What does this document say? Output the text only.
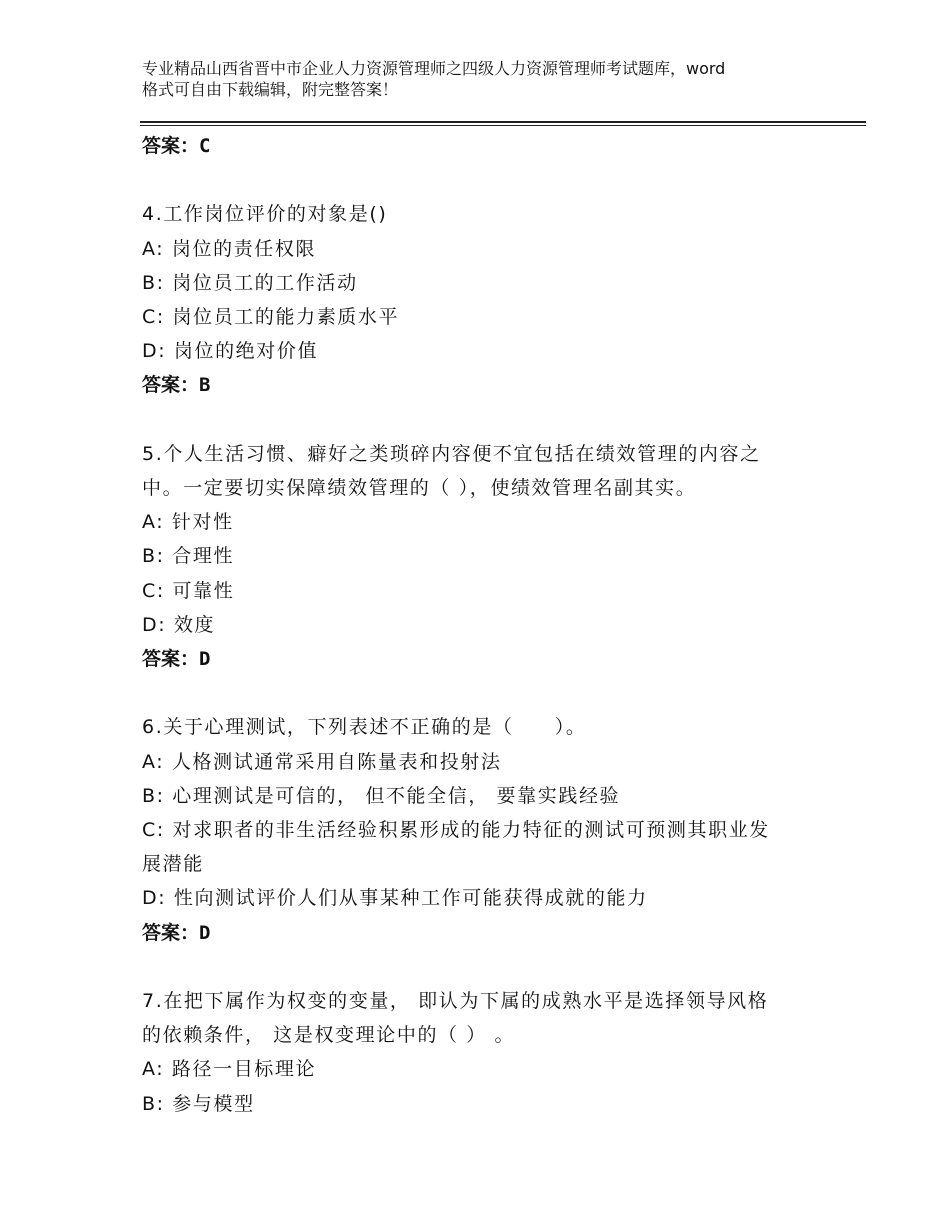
专业精品山西省晋中市企业人力资源管理师之四级人力资源管理师考试题库，word
格式可自由下载编辑，附完整答案！
答案：C
4.工作岗位评价的对象是()
A: 岗位的责任权限
B: 岗位员工的工作活动
C: 岗位员工的能力素质水平
D: 岗位的绝对价值
答案：B
5.个人生活习惯、癖好之类琐碎内容便不宜包括在绩效管理的内容之
中。一定要切实保障绩效管理的（ ），使绩效管理名副其实。
A: 针对性
B: 合理性
C: 可靠性
D: 效度
答案：D
6.关于心理测试，下列表述不正确的是（　　）。
A: 人格测试通常采用自陈量表和投射法
B: 心理测试是可信的， 但不能全信， 要靠实践经验
C: 对求职者的非生活经验积累形成的能力特征的测试可预测其职业发
展潜能
D: 性向测试评价人们从事某种工作可能获得成就的能力
答案：D
7.在把下属作为权变的变量， 即认为下属的成熟水平是选择领导风格
的依赖条件， 这是权变理论中的（ ） 。
A: 路径一目标理论
B: 参与模型
